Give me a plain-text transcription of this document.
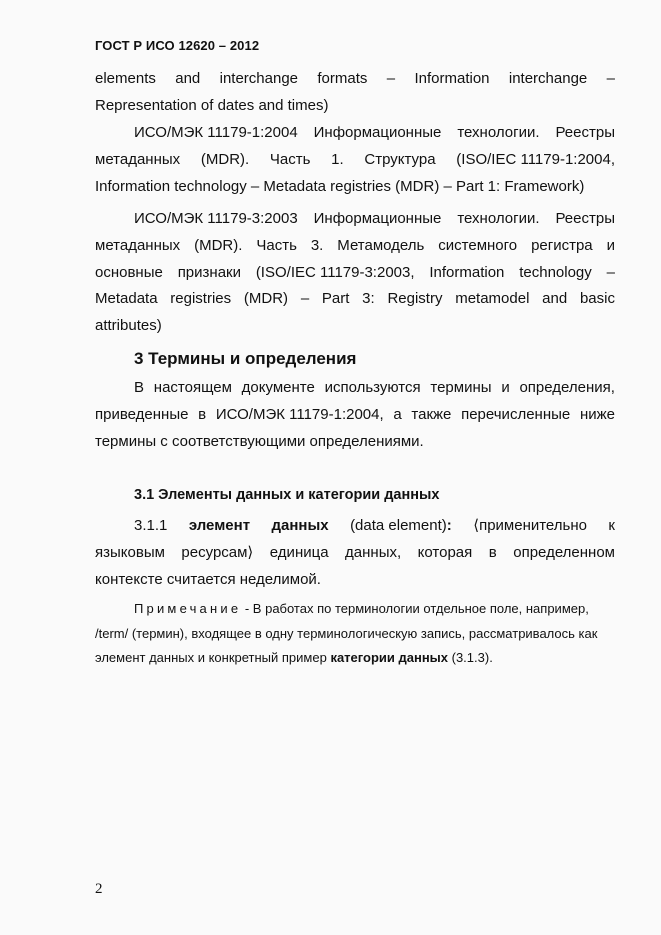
ГОСТ Р ИСО 12620 – 2012
elements and interchange formats – Information interchange –
Representation of dates and times)
ИСО/МЭК 11179-1:2004 Информационные технологии. Реестры
метаданных (MDR). Часть 1. Структура (ISO/IEC 11179-1:2004,
Information technology – Metadata registries (MDR) – Part 1: Framework)
ИСО/МЭК 11179-3:2003 Информационные технологии. Реестры
метаданных (MDR). Часть 3. Метамодель системного регистра и
основные признаки (ISO/IEC 11179-3:2003, Information technology –
Metadata registries (MDR) – Part 3: Registry metamodel and basic
attributes)
3 Термины и определения
В настоящем документе используются термины и определения,
приведенные в ИСО/МЭК 11179-1:2004, а также перечисленные ниже
термины с соответствующими определениями.
3.1 Элементы данных и категории данных
3.1.1 элемент данных (data element): ⟨применительно к
языковым ресурсам⟩ единица данных, которая в определенном
контексте считается неделимой.
Примечание - В работах по терминологии отдельное поле, например,
/term/ (термин), входящее в одну терминологическую запись, рассматривалось как
элемент данных и конкретный пример категории данных (3.1.3).
2
